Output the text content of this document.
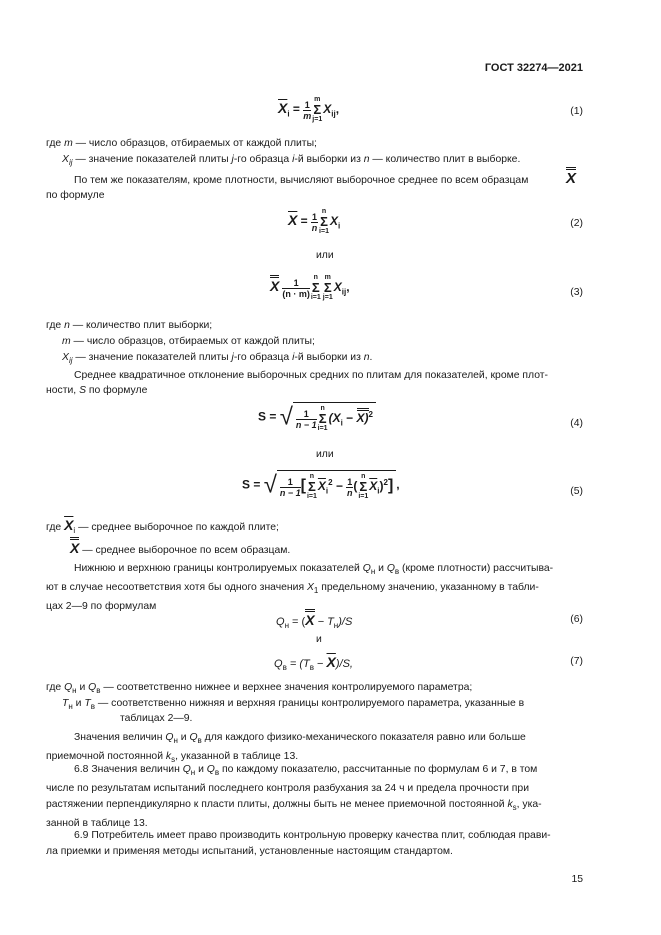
ГОСТ 32274—2021
$\overline{X}_i = \frac{1}{m}$ m
Σ
$j=1X_{ij}$,	(1)
где m — число образцов, отбираемых от каждой плиты;
$X_{ij}$ — значение показателей плиты j-го образца i-й выборки из n — количество плит в выборке.
По тем же показателям, кроме плотности, вычисляют выборочное среднее по всем образцам	X
по формуле
$\overline{X} = \frac{1}{n}$ n
Σ
$i=1X_i$	(2)
или
X $\frac{1}{(n \cdot m)}$ n
Σ
i=1m
Σ
$j=1X_{ij}$,	(3)
где n — количество плит выборки;
m — число образцов, отбираемых от каждой плиты;
$X_{ij}$ — значение показателей плиты j-го образца i-й выборки из n.
Среднее квадратичное отклонение выборочных средних по плитам для показателей, кроме плот-
ности, S по формуле
S = √ $\frac{1}{n - 1}$ n
Σ
$i=1(X_i - X)^2$
(4)
или
S = √ $\frac{1}{n - 1} [n$
Σ
$i=1\overline{X}_i^2 - \frac{1}{n} (n$
Σ
$i=1\overline{X}_i)^2$] ,	(5)
где $\overline{X}_i$ — среднее выборочное по каждой плите;
X — среднее выборочное по всем образцам.
Нижнюю и верхнюю границы контролируемых показателей $Q_н$ и $Q_в$ (кроме плотности) рассчитыва-
ют в случае несоответствия хотя бы одного значения $X_1$ предельному значению, указанному в табли-
цах 2—9 по формулам
$Q_н = (X - T_н)/S$	(6)
и
$Q_в = (T_в - \overline{X})/S$,	(7)
где $Q_н$ и $Q_в$ — соответственно нижнее и верхнее значения контролируемого параметра;
$T_н$ и $T_в$ — соответственно нижняя и верхняя границы контролируемого параметра, указанные в
таблицах 2—9.
Значения величин $Q_н$ и $Q_в$ для каждого физико-механического показателя равно или больше
приемочной постоянной $k_s$, указанной в таблице 13.
6.8 Значения величин $Q_н$ и $Q_в$ по каждому показателю, рассчитанные по формулам 6 и 7, в том
числе по результатам испытаний последнего контроля разбухания за 24 ч и предела прочности при
растяжении перпендикулярно к пласти плиты, должны быть не менее приемочной постоянной $k_s$, ука-
занной в таблице 13.
6.9 Потребитель имеет право производить контрольную проверку качества плит, соблюдая прави-
ла приемки и применяя методы испытаний, установленные настоящим стандартом.
15
